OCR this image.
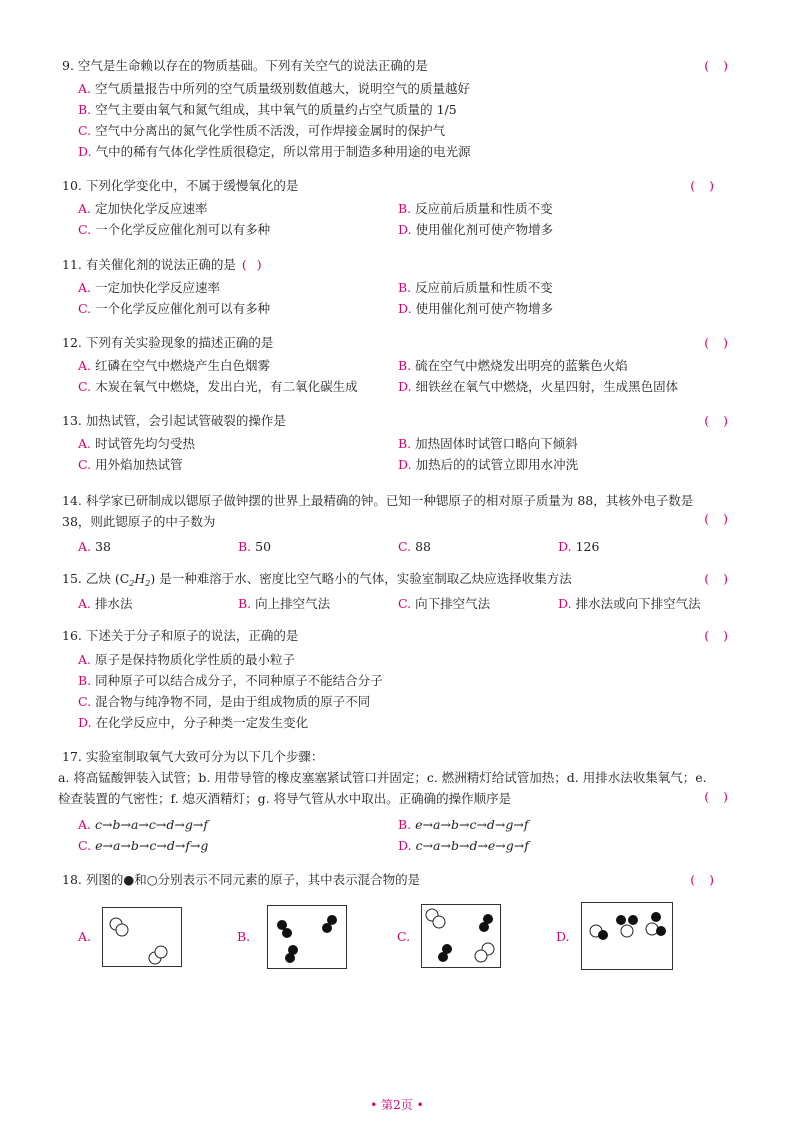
9. 空气是生命赖以存在的物质基础。下列有关空气的说法正确的是	()
A. 空气质量报告中所列的空气质量级别数值越大，说明空气的质量越好
B. 空气主要由氧气和氮气组成，其中氧气的质量约占空气质量的 1/5
C. 空气中分离出的氮气化学性质不活泼，可作焊接金属时的保护气
D. 气中的稀有气体化学性质很稳定，所以常用于制造多种用途的电光源
10. 下列化学变化中，不属于缓慢氧化的是	()
A. 定加快化学反应速率	B. 反应前后质量和性质不变
C. 一个化学反应催化剂可以有多种	D. 使用催化剂可使产物增多
11. 有关催化剂的说法正确的是 ()
A. 一定加快化学反应速率	B. 反应前后质量和性质不变
C. 一个化学反应催化剂可以有多种	D. 使用催化剂可使产物增多
12. 下列有关实验现象的描述正确的是	()
A. 红磷在空气中燃烧产生白色烟雾	B. 硫在空气中燃烧发出明亮的蓝紫色火焰
C. 木炭在氧气中燃烧，发出白光，有二氧化碳生成	D. 细铁丝在氧气中燃烧，火星四射，生成黑色固体
13. 加热试管，会引起试管破裂的操作是	()
A. 时试管先均匀受热	B. 加热固体时试管口略向下倾斜
C. 用外焰加热试管	D. 加热后的的试管立即用水冲洗
14. 科学家已研制成以锶原子做钟摆的世界上最精确的钟。已知一种锶原子的相对原子质量为 88，其核外电子数是 38，则此锶原子的中子数为	()
A. 38	B. 50	C. 88	D. 126
15. 乙炔 $(C_2H_2)$ 是一种难溶于水、密度比空气略小的气体，实验室制取乙炔应选择收集方法	()
A. 排水法	B. 向上排空气法	C. 向下排空气法	D. 排水法或向下排空气法
16. 下述关于分子和原子的说法，正确的是	()
A. 原子是保持物质化学性质的最小粒子
B. 同种原子可以结合成分子，不同种原子不能结合分子
C. 混合物与纯净物不同，是由于组成物质的原子不同
D. 在化学反应中，分子种类一定发生变化
17. 实验室制取氧气大致可分为以下几个步骤：
a. 将高锰酸钾装入试管；b. 用带导管的橡皮塞塞紧试管口并固定；c. 燃洲精灯给试管加热；d. 用排水法收集氧气；e. 检查装置的气密性；f. 熄灭酒精灯；g. 将导气管从水中取出。正确确的操作顺序是	()
A. c→b→a→c→d→g→f	B. e→a→b→c→d→g→f
C. e→a→b→c→d→f→g	D. c→a→b→d→e→g→f
18. 列图的●和○分别表示不同元素的原子，其中表示混合物的是	()
A.	B.	C.	D.
• 第2页 •
